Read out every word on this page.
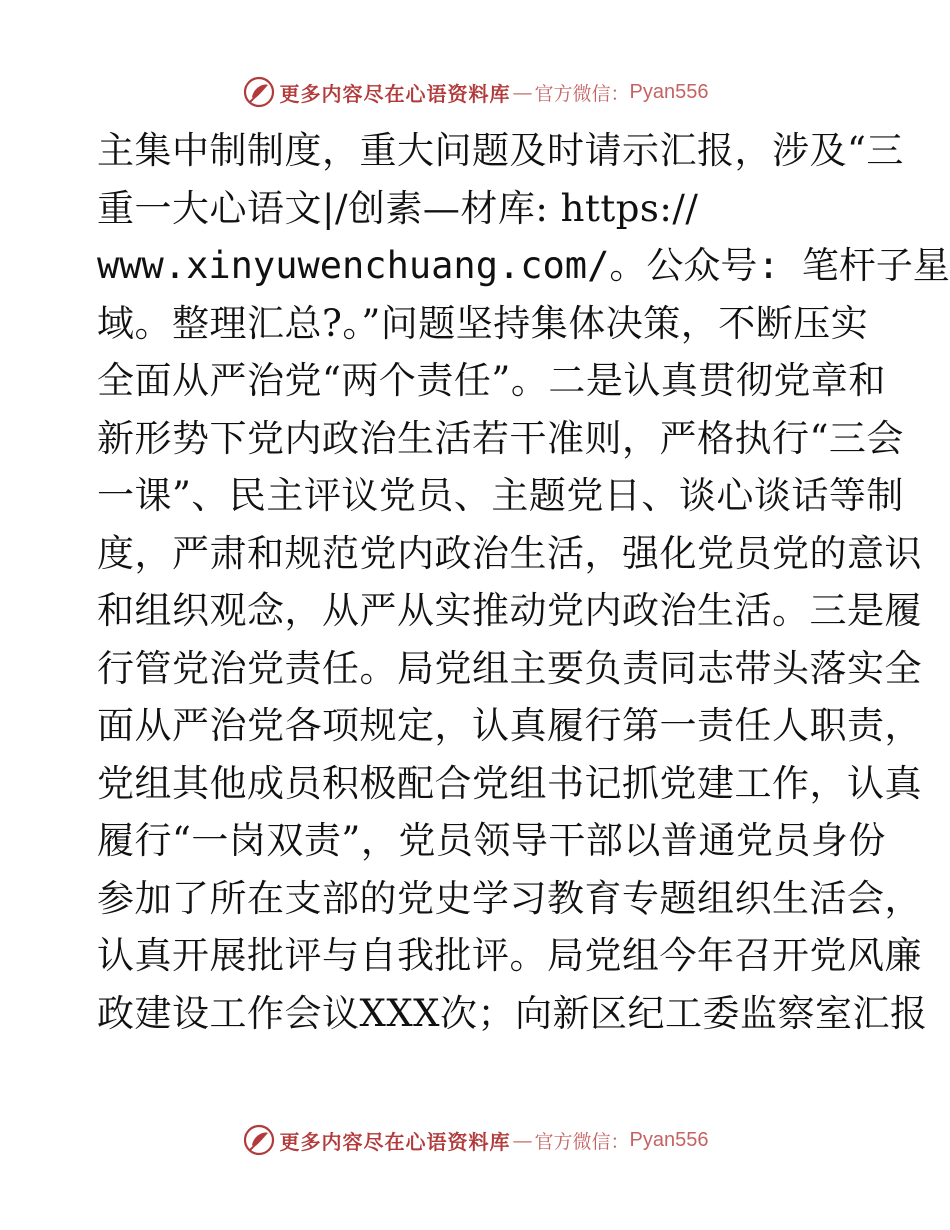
更多内容尽在心语资料库 — 官方微信： Pyan556
主集中制制度，重大问题及时请示汇报，涉及“三
重一大心语文|/创素—材库: https://
www.xinyuwenchuang.com/。公众号: 笔杆子星
域。整理汇总?。”问题坚持集体决策，不断压实
全面从严治党“两个责任”。二是认真贯彻党章和
新形势下党内政治生活若干准则，严格执行“三会
一课”、民主评议党员、主题党日、谈心谈话等制
度，严肃和规范党内政治生活，强化党员党的意识
和组织观念，从严从实推动党内政治生活。三是履
行管党治党责任。局党组主要负责同志带头落实全
面从严治党各项规定，认真履行第一责任人职责，
党组其他成员积极配合党组书记抓党建工作，认真
履行“一岗双责”，党员领导干部以普通党员身份
参加了所在支部的党史学习教育专题组织生活会，
认真开展批评与自我批评。局党组今年召开党风廉
政建设工作会议XXX次；向新区纪工委监察室汇报
更多内容尽在心语资料库 — 官方微信： Pyan556
